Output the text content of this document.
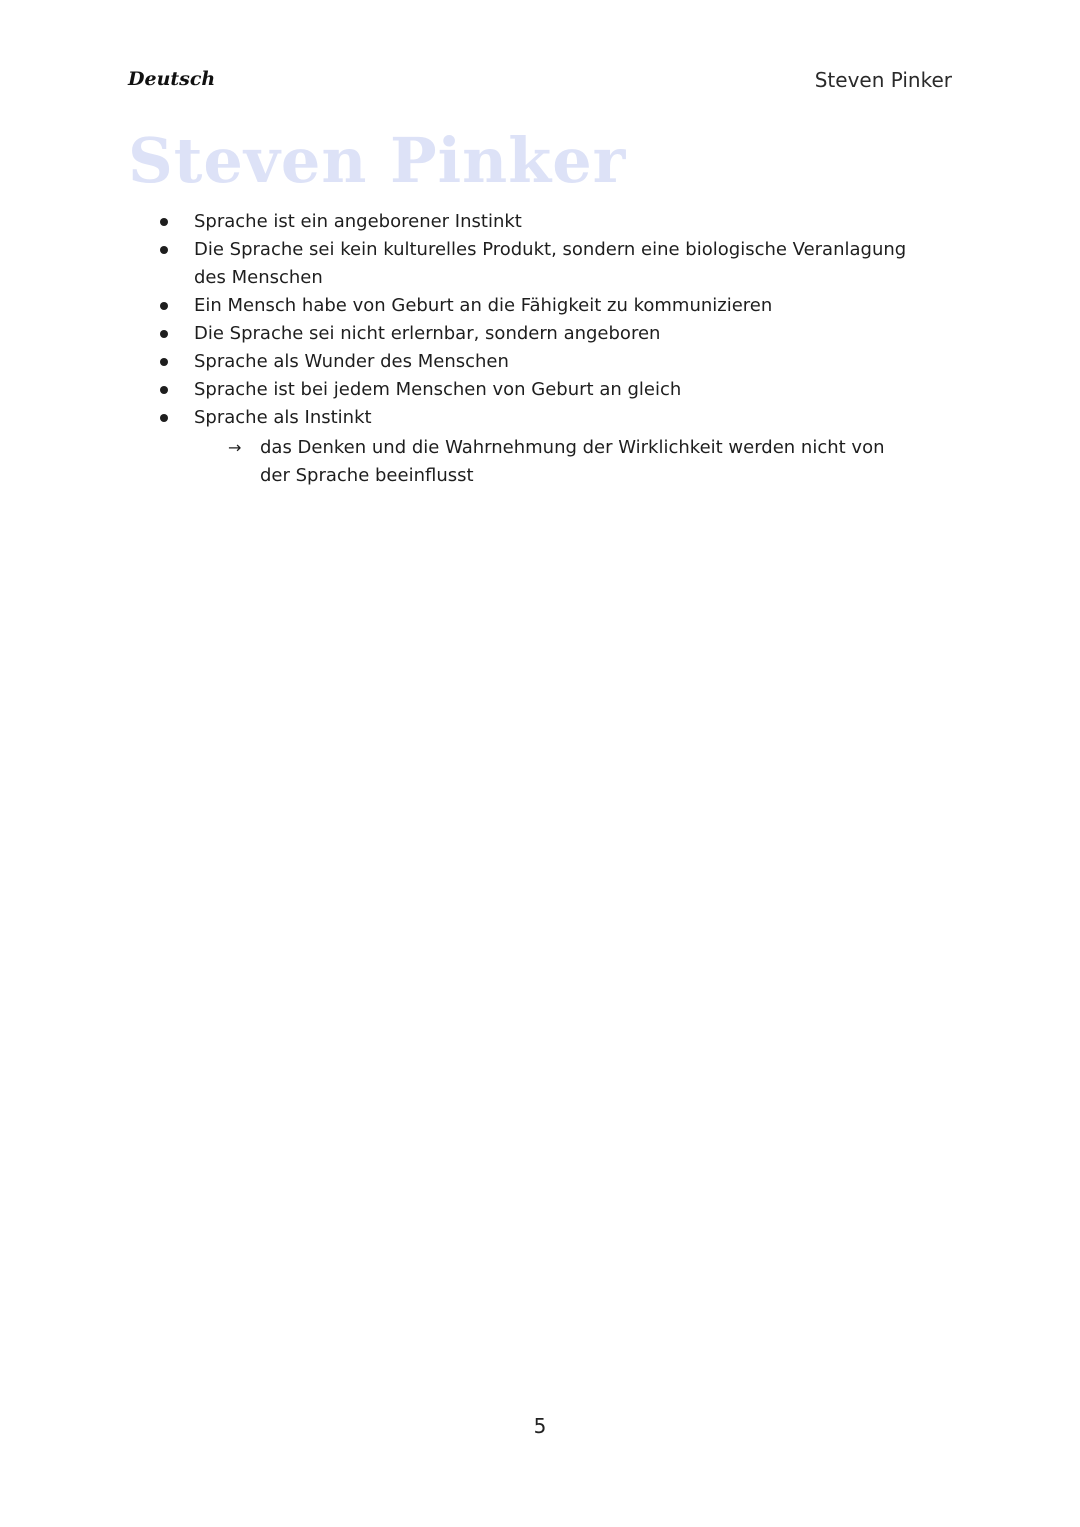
Deutsch	Steven Pinker
Steven Pinker
Sprache ist ein angeborener Instinkt
Die Sprache sei kein kulturelles Produkt, sondern eine biologische Veranlagung des Menschen
Ein Mensch habe von Geburt an die Fähigkeit zu kommunizieren
Die Sprache sei nicht erlernbar, sondern angeboren
Sprache als Wunder des Menschen
Sprache ist bei jedem Menschen von Geburt an gleich
Sprache als Instinkt
→ das Denken und die Wahrnehmung der Wirklichkeit werden nicht von der Sprache beeinflusst
5
